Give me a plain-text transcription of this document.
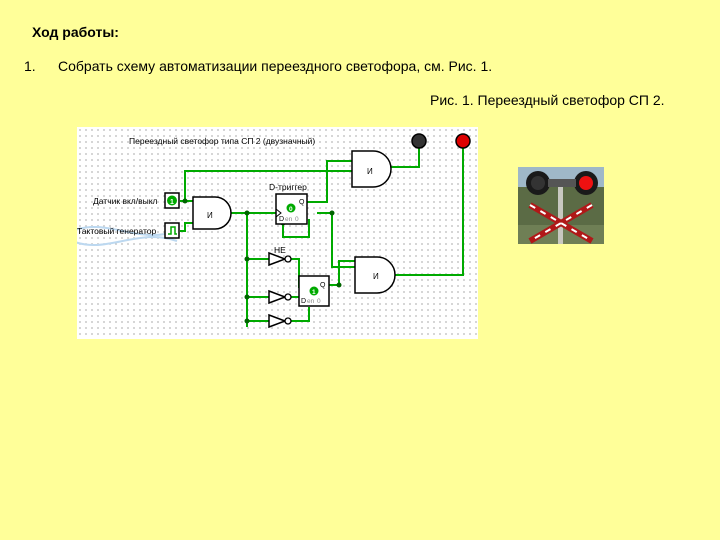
Ход работы:
1. Собрать схему автоматизации переездного светофора, см. Рис. 1.
Рис. 1. Переездный светофор СП 2.
Переездный светофор типа СП 2 (двузначный)
Датчик вкл/выкл 1
Тактовый генератор
И
D-триггер
Q
D en 0
0
НЕ
Q
D en 0
1
И
И
